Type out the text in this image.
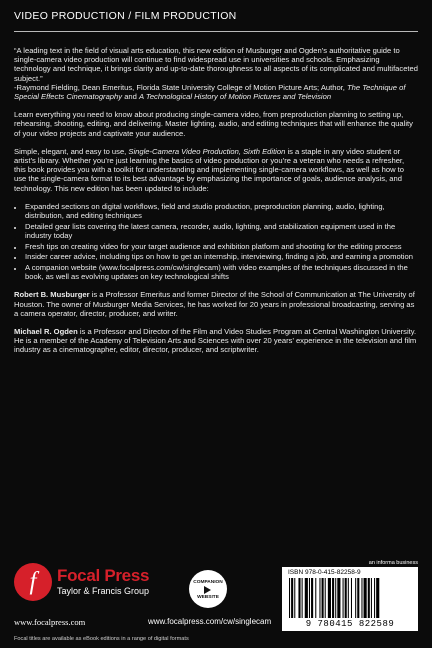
VIDEO PRODUCTION / FILM PRODUCTION

“A leading text in the field of visual arts education, this new edition of Musburger and Ogden’s authoritative guide to single-camera video production will continue to find widespread use in universities and schools. Emphasizing technology and technique, it brings clarity and up-to-date thoroughness to all aspects of its complicated and multifaceted subject.”

-Raymond Fielding, Dean Emeritus, Florida State University College of Motion Picture Arts; Author, The Technique of Special Effects Cinematography and A Technological History of Motion Pictures and Television

Learn everything you need to know about producing single-camera video, from preproduction planning to setting up, rehearsing, shooting, editing, and delivering. Master lighting, audio, and editing techniques that will enhance the quality of your video projects and captivate your audience.

Simple, elegant, and easy to use, Single-Camera Video Production, Sixth Edition is a staple in any video student or artist’s library. Whether you’re just learning the basics of video production or you’re a veteran who needs a refresher, this book provides you with a toolkit for understanding and implementing single-camera workflows, as well as how to use the single-camera format to its best advantage by emphasizing the importance of goals, audience analysis, and technology. This new edition has been updated to include:

• Expanded sections on digital workflows, field and studio production, preproduction planning, audio, lighting, distribution, and editing techniques
• Detailed gear lists covering the latest camera, recorder, audio, lighting, and stabilization equipment used in the industry today
• Fresh tips on creating video for your target audience and exhibition platform and shooting for the editing process
• Insider career advice, including tips on how to get an internship, interviewing, finding a job, and earning a promotion
• A companion website (www.focalpress.com/cw/singlecam) with video examples of the techniques discussed in the book, as well as evolving updates on key technological shifts

Robert B. Musburger is a Professor Emeritus and former Director of the School of Communication at The University of Houston. The owner of Musburger Media Services, he has worked for 20 years in professional broadcasting, serving as a camera operator, director, producer, and writer.

Michael R. Ogden is a Professor and Director of the Film and Video Studies Program at Central Washington University. He is a member of the Academy of Television Arts and Sciences with over 20 years’ experience in the television and film industry as a cinematographer, editor, director, producer, and scriptwriter.

f	Focal Press
Taylor & Francis Group
www.focalpress.com
COMPANION
WEBSITE
www.focalpress.com/cw/singlecam
an informa business
ISBN 978-0-415-82258-9
9 780415 822589
Focal titles are available as eBook editions in a range of digital formats
